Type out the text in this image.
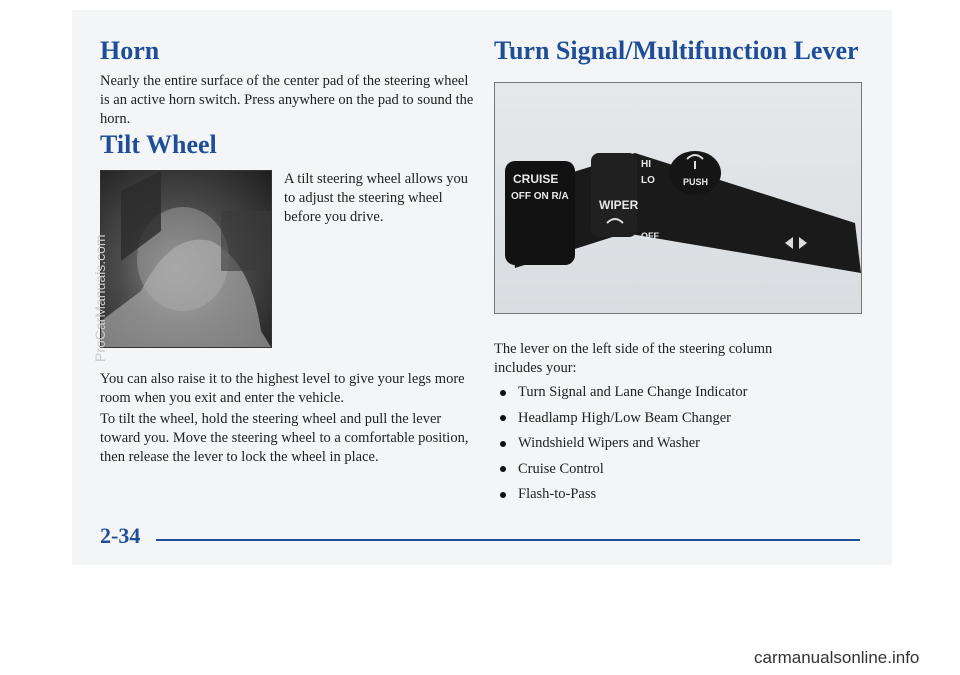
Horn

Nearly the entire surface of the center pad of the steering wheel is an active horn switch. Press anywhere on the pad to sound the horn.

Tilt Wheel

A tilt steering wheel allows you to adjust the steering wheel before you drive.

You can also raise it to the highest level to give your legs more room when you exit and enter the vehicle.

To tilt the wheel, hold the steering wheel and pull the lever toward you. Move the steering wheel to a comfortable position, then release the lever to lock the wheel in place.

Turn Signal/Multifunction Lever
CRUISE
OFF ON R/A
WIPER
HI
LO	PUSH
OFF

The lever on the left side of the steering column includes your:

Turn Signal and Lane Change Indicator
Headlamp High/Low Beam Changer
Windshield Wipers and Washer
Cruise Control
Flash-to-Pass

2-34

ProCarManuals.com

carmanualsonline.info
